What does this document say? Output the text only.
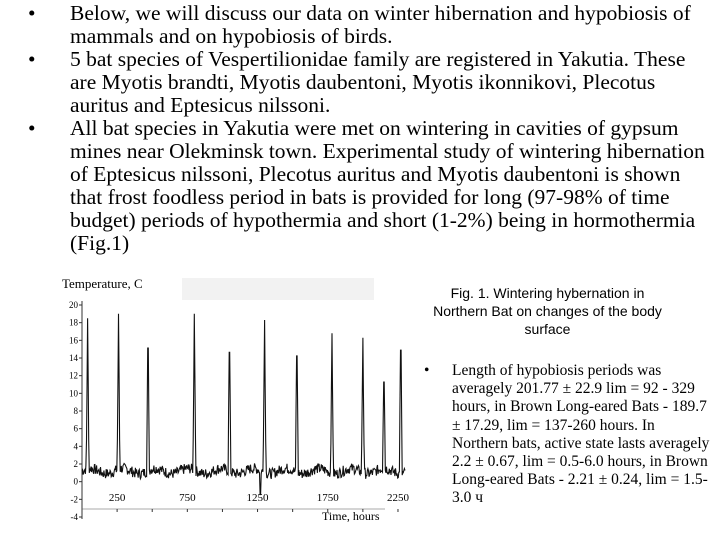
• Below, we will discuss our data on winter hibernation and hypobiosis of mammals and on hypobiosis of birds.
• 5 bat species of Vespertilionidae family are registered in Yakutia. These are Myotis brandti, Myotis daubentoni, Myotis ikonnikovi, Plecotus auritus and Eptesicus nilssoni.
• All bat species in Yakutia were met on wintering in cavities of gypsum mines near Olekminsk town. Experimental study of wintering hibernation of Eptesicus nilssoni, Plecotus auritus and Myotis daubentoni is shown that frost foodless period in bats is provided for long (97-98% of time budget) periods of hypothermia and short (1-2%) being in hormothermia (Fig.1)
Temperature, C
20
18
16
14
12
10
8
6
4
2
0
-2
-4
250	750	1250	1750	2250
Time, hours
Fig. 1. Wintering hybernation in Northern Bat on changes of the body surface
• Length of hypobiosis periods was averagely 201.77 ± 22.9 lim = 92 - 329 hours, in Brown Long-eared Bats - 189.7 ± 17.29, lim = 137-260 hours. In Northern bats, active state lasts averagely 2.2 ± 0.67, lim = 0.5-6.0 hours, in Brown Long-eared Bats - 2.21 ± 0.24, lim = 1.5-3.0 ч
